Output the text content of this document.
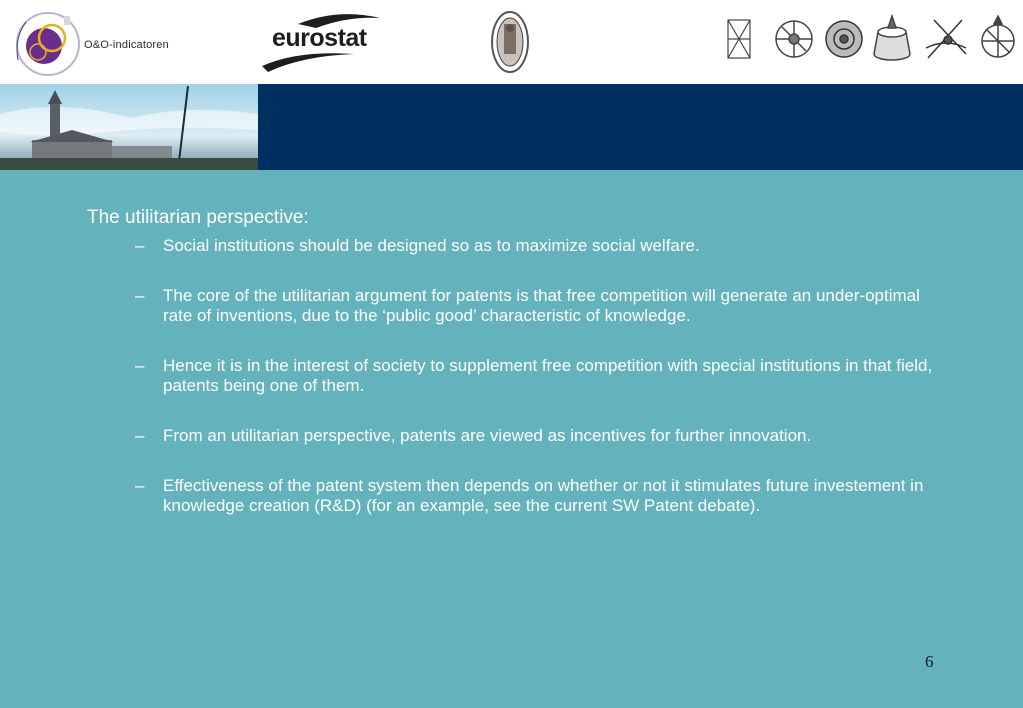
O&O-indicatoren	eurostat
The utilitarian perspective:
– Social institutions should be designed so as to maximize social welfare.
– The core of the utilitarian argument for patents is that free competition will generate an under-optimal rate of inventions, due to the ‘public good’ characteristic of knowledge.
– Hence it is in the interest of society to supplement free competition with special institutions in that field, patents being one of them.
– From an utilitarian perspective, patents are viewed as incentives for further innovation.
– Effectiveness of the patent system then depends on whether or not it stimulates future investement in knowledge creation (R&D) (for an example, see the current SW Patent debate).
6
